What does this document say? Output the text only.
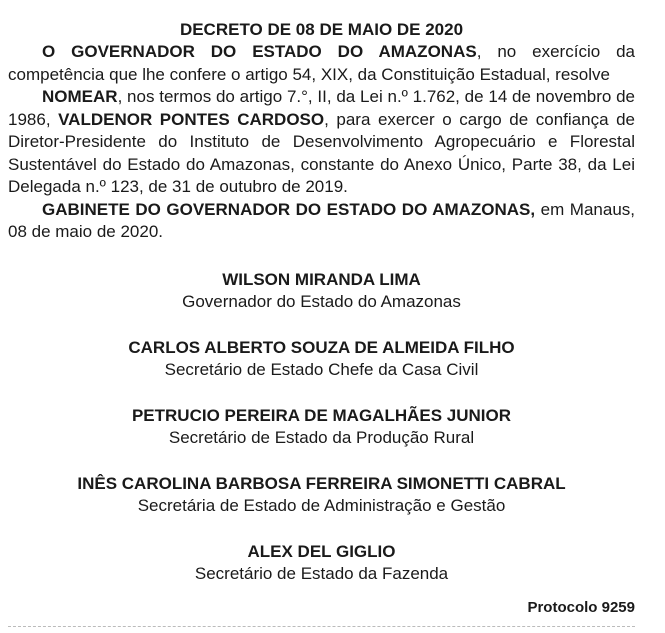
DECRETO DE 08 DE MAIO DE 2020

O GOVERNADOR DO ESTADO DO AMAZONAS, no exercício da competência que lhe confere o artigo 54, XIX, da Constituição Estadual, resolve

NOMEAR, nos termos do artigo 7.°, II, da Lei n.º 1.762, de 14 de novembro de 1986, VALDENOR PONTES CARDOSO, para exercer o cargo de confiança de Diretor-Presidente do Instituto de Desenvolvimento Agropecuário e Florestal Sustentável do Estado do Amazonas, constante do Anexo Único, Parte 38, da Lei Delegada n.º 123, de 31 de outubro de 2019.

GABINETE DO GOVERNADOR DO ESTADO DO AMAZONAS, em Manaus, 08 de maio de 2020.

WILSON MIRANDA LIMA
Governador do Estado do Amazonas
CARLOS ALBERTO SOUZA DE ALMEIDA FILHO
Secretário de Estado Chefe da Casa Civil
PETRUCIO PEREIRA DE MAGALHÃES JUNIOR
Secretário de Estado da Produção Rural
INÊS CAROLINA BARBOSA FERREIRA SIMONETTI CABRAL
Secretária de Estado de Administração e Gestão
ALEX DEL GIGLIO
Secretário de Estado da Fazenda
Protocolo 9259
